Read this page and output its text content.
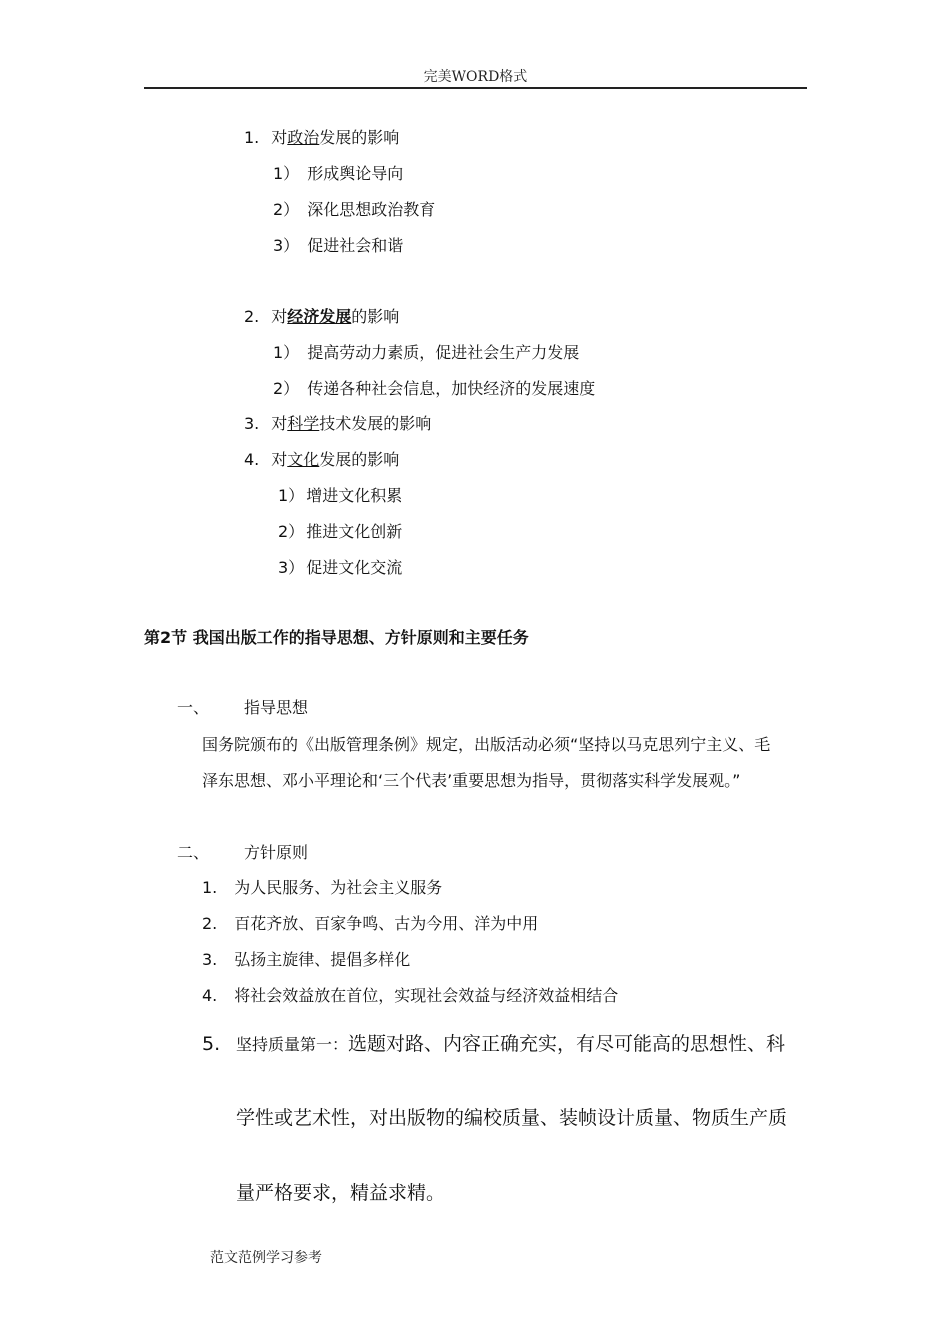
完美WORD格式
1. 对政治发展的影响
1） 形成舆论导向
2） 深化思想政治教育
3） 促进社会和谐
2. 对经济发展的影响
1） 提高劳动力素质，促进社会生产力发展
2） 传递各种社会信息，加快经济的发展速度
3. 对科学技术发展的影响
4. 对文化发展的影响
1） 增进文化积累
2） 推进文化创新
3） 促进文化交流
第2节 我国出版工作的指导思想、方针原则和主要任务
一、 指导思想
国务院颁布的《出版管理条例》规定，出版活动必须“坚持以马克思列宁主义、毛
泽东思想、邓小平理论和‘三个代表’重要思想为指导，贯彻落实科学发展观。”
二、 方针原则
1. 为人民服务、为社会主义服务
2. 百花齐放、百家争鸣、古为今用、洋为中用
3. 弘扬主旋律、提倡多样化
4. 将社会效益放在首位，实现社会效益与经济效益相结合
5. 坚持质量第一：选题对路、内容正确充实，有尽可能高的思想性、科
学性或艺术性，对出版物的编校质量、装帧设计质量、物质生产质
量严格要求，精益求精。
范文范例学习参考
